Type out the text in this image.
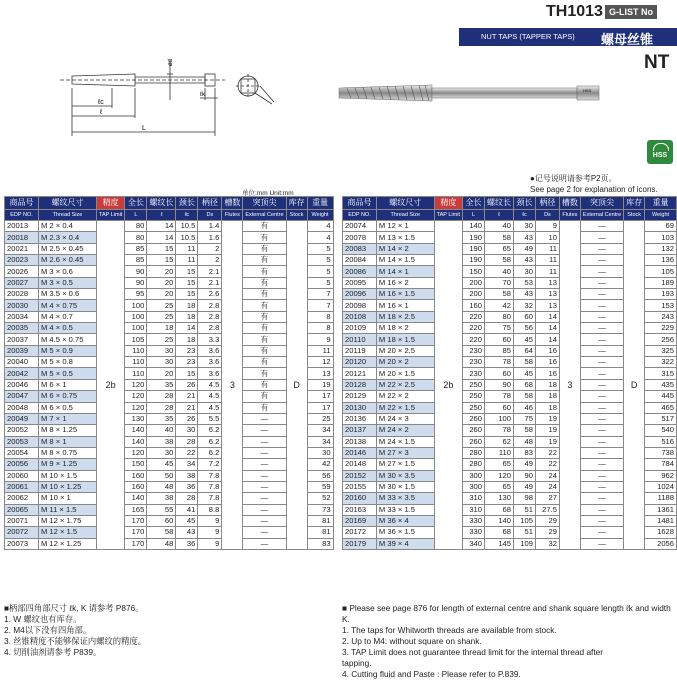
TH1013 G-LIST No
NUT TAPS (TAPPER TAPS) 螺母丝锥
NT
ød
ℓc
ℓ
L
ℓk
HSS
HSS
●记号说明请参考P2页。
See page 2 for explanation of icons.
单位:mm Unit:mm
商品号	螺纹尺寸	精度	全长	螺纹长	颈长	柄径	槽数	突顶尖	库存	重量
EDP NO.	Thread Size	TAP Limit	L	ℓ	ℓc	Ds	Flutes	External Centre	Stock	Weight
20013	M 2 × 0.4	2b	80	14	10.5	1.4	3	有	D	4
20018	M 2.3 × 0.4		80	14	10.5	1.6		有		4
20021	M 2.5 × 0.45		85	15	11	2		有		5
20023	M 2.6 × 0.45		85	15	11	2		有		5
20026	M 3 × 0.6		90	20	15	2.1		有		5
20027	M 3 × 0.5		90	20	15	2.1		有		5
20028	M 3.5 × 0.6		95	20	15	2.6		有		7
20030	M 4 × 0.75		100	25	18	2.8		有		7
20034	M 4 × 0.7		100	25	18	2.8		有		8
20035	M 4 × 0.5		100	18	14	2.8		有		8
20037	M 4.5 × 0.75		105	25	18	3.3		有		9
20039	M 5 × 0.9		110	30	23	3.6		有		11
20040	M 5 × 0.8		110	30	23	3.6		有		12
20042	M 5 × 0.5		110	20	15	3.6		有		13
20046	M 6 × 1		120	35	26	4.5		有		19
20047	M 6 × 0.75		120	28	21	4.5		有		17
20048	M 6 × 0.5		120	28	21	4.5		有		17
20049	M 7 × 1		130	35	26	5.5		—		25
20052	M 8 × 1.25		140	40	30	6.2		—		34
20053	M 8 × 1		140	38	28	6.2		—		34
20054	M 8 × 0.75		120	30	22	6.2		—		30
20056	M 9 × 1.25		150	45	34	7.2		—		42
20060	M 10 × 1.5		160	50	38	7.8		—		56
20061	M 10 × 1.25		160	48	36	7.8		—		59
20062	M 10 × 1		140	38	28	7.8		—		52
20065	M 11 × 1.5		165	55	41	8.8		—		73
20071	M 12 × 1.75		170	60	45	9		—		81
20072	M 12 × 1.5		170	58	43	9		—		81
20073	M 12 × 1.25		170	48	36	9		—		83
商品号	螺纹尺寸	精度	全长	螺纹长	颈长	柄径	槽数	突顶尖	库存	重量
EDP NO.	Thread Size	TAP Limit	L	ℓ	ℓc	Ds	Flutes	External Centre	Stock	Weight
20074	M 12 × 1	2b	140	40	30	9	3	—	D	69
20078	M 13 × 1.5		190	58	43	10		—		103
20083	M 14 × 2		190	65	49	11		—		132
20084	M 14 × 1.5		190	58	43	11		—		136
20086	M 14 × 1		150	40	30	11		—		105
20095	M 16 × 2		200	70	53	13		—		189
20096	M 16 × 1.5		200	58	43	13		—		193
20098	M 16 × 1		160	42	32	13		—		153
20108	M 18 × 2.5		220	80	60	14		—		243
20109	M 18 × 2		220	75	56	14		—		229
20110	M 18 × 1.5		220	60	45	14		—		256
20119	M 20 × 2.5		230	85	64	16		—		325
20120	M 20 × 2		230	78	58	16		—		322
20121	M 20 × 1.5		230	60	45	16		—		315
20128	M 22 × 2.5		250	90	68	18		—		435
20129	M 22 × 2		250	78	58	18		—		445
20130	M 22 × 1.5		250	60	46	18		—		465
20136	M 24 × 3		260	100	75	19		—		517
20137	M 24 × 2		260	78	58	19		—		540
20138	M 24 × 1.5		260	62	48	19		—		516
20146	M 27 × 3		280	110	83	22		—		738
20148	M 27 × 1.5		280	65	49	22		—		784
20152	M 30 × 3.5		300	120	90	24		—		962
20155	M 30 × 1.5		300	65	49	24		—		1024
20160	M 33 × 3.5		310	130	98	27		—		1188
20163	M 33 × 1.5		310	68	51	27.5		—		1361
20169	M 36 × 4		330	140	105	29		—		1481
20172	M 36 × 1.5		330	68	51	29		—		1628
20179	M 39 × 4		340	145	109	32		—		2056
■柄部四角部尺寸 ℓk, K 请参考 P876。
1. W 螺纹也有库存。
2. M4以下没有四角部。
3. 丝锥精度不能够保证内螺纹的精度。
4. 切削油剂请参考 P839。
■ Please see page 876 for length of external centre and shank square length ℓk and width K.
1. The taps for Whitworth threads are available from stock.
2. Up to M4: without square on shank.
3. TAP Limit does not guarantee thread limit for the internal thread after
tapping.
4. Cutting fluid and Paste : Please refer to P.839.
